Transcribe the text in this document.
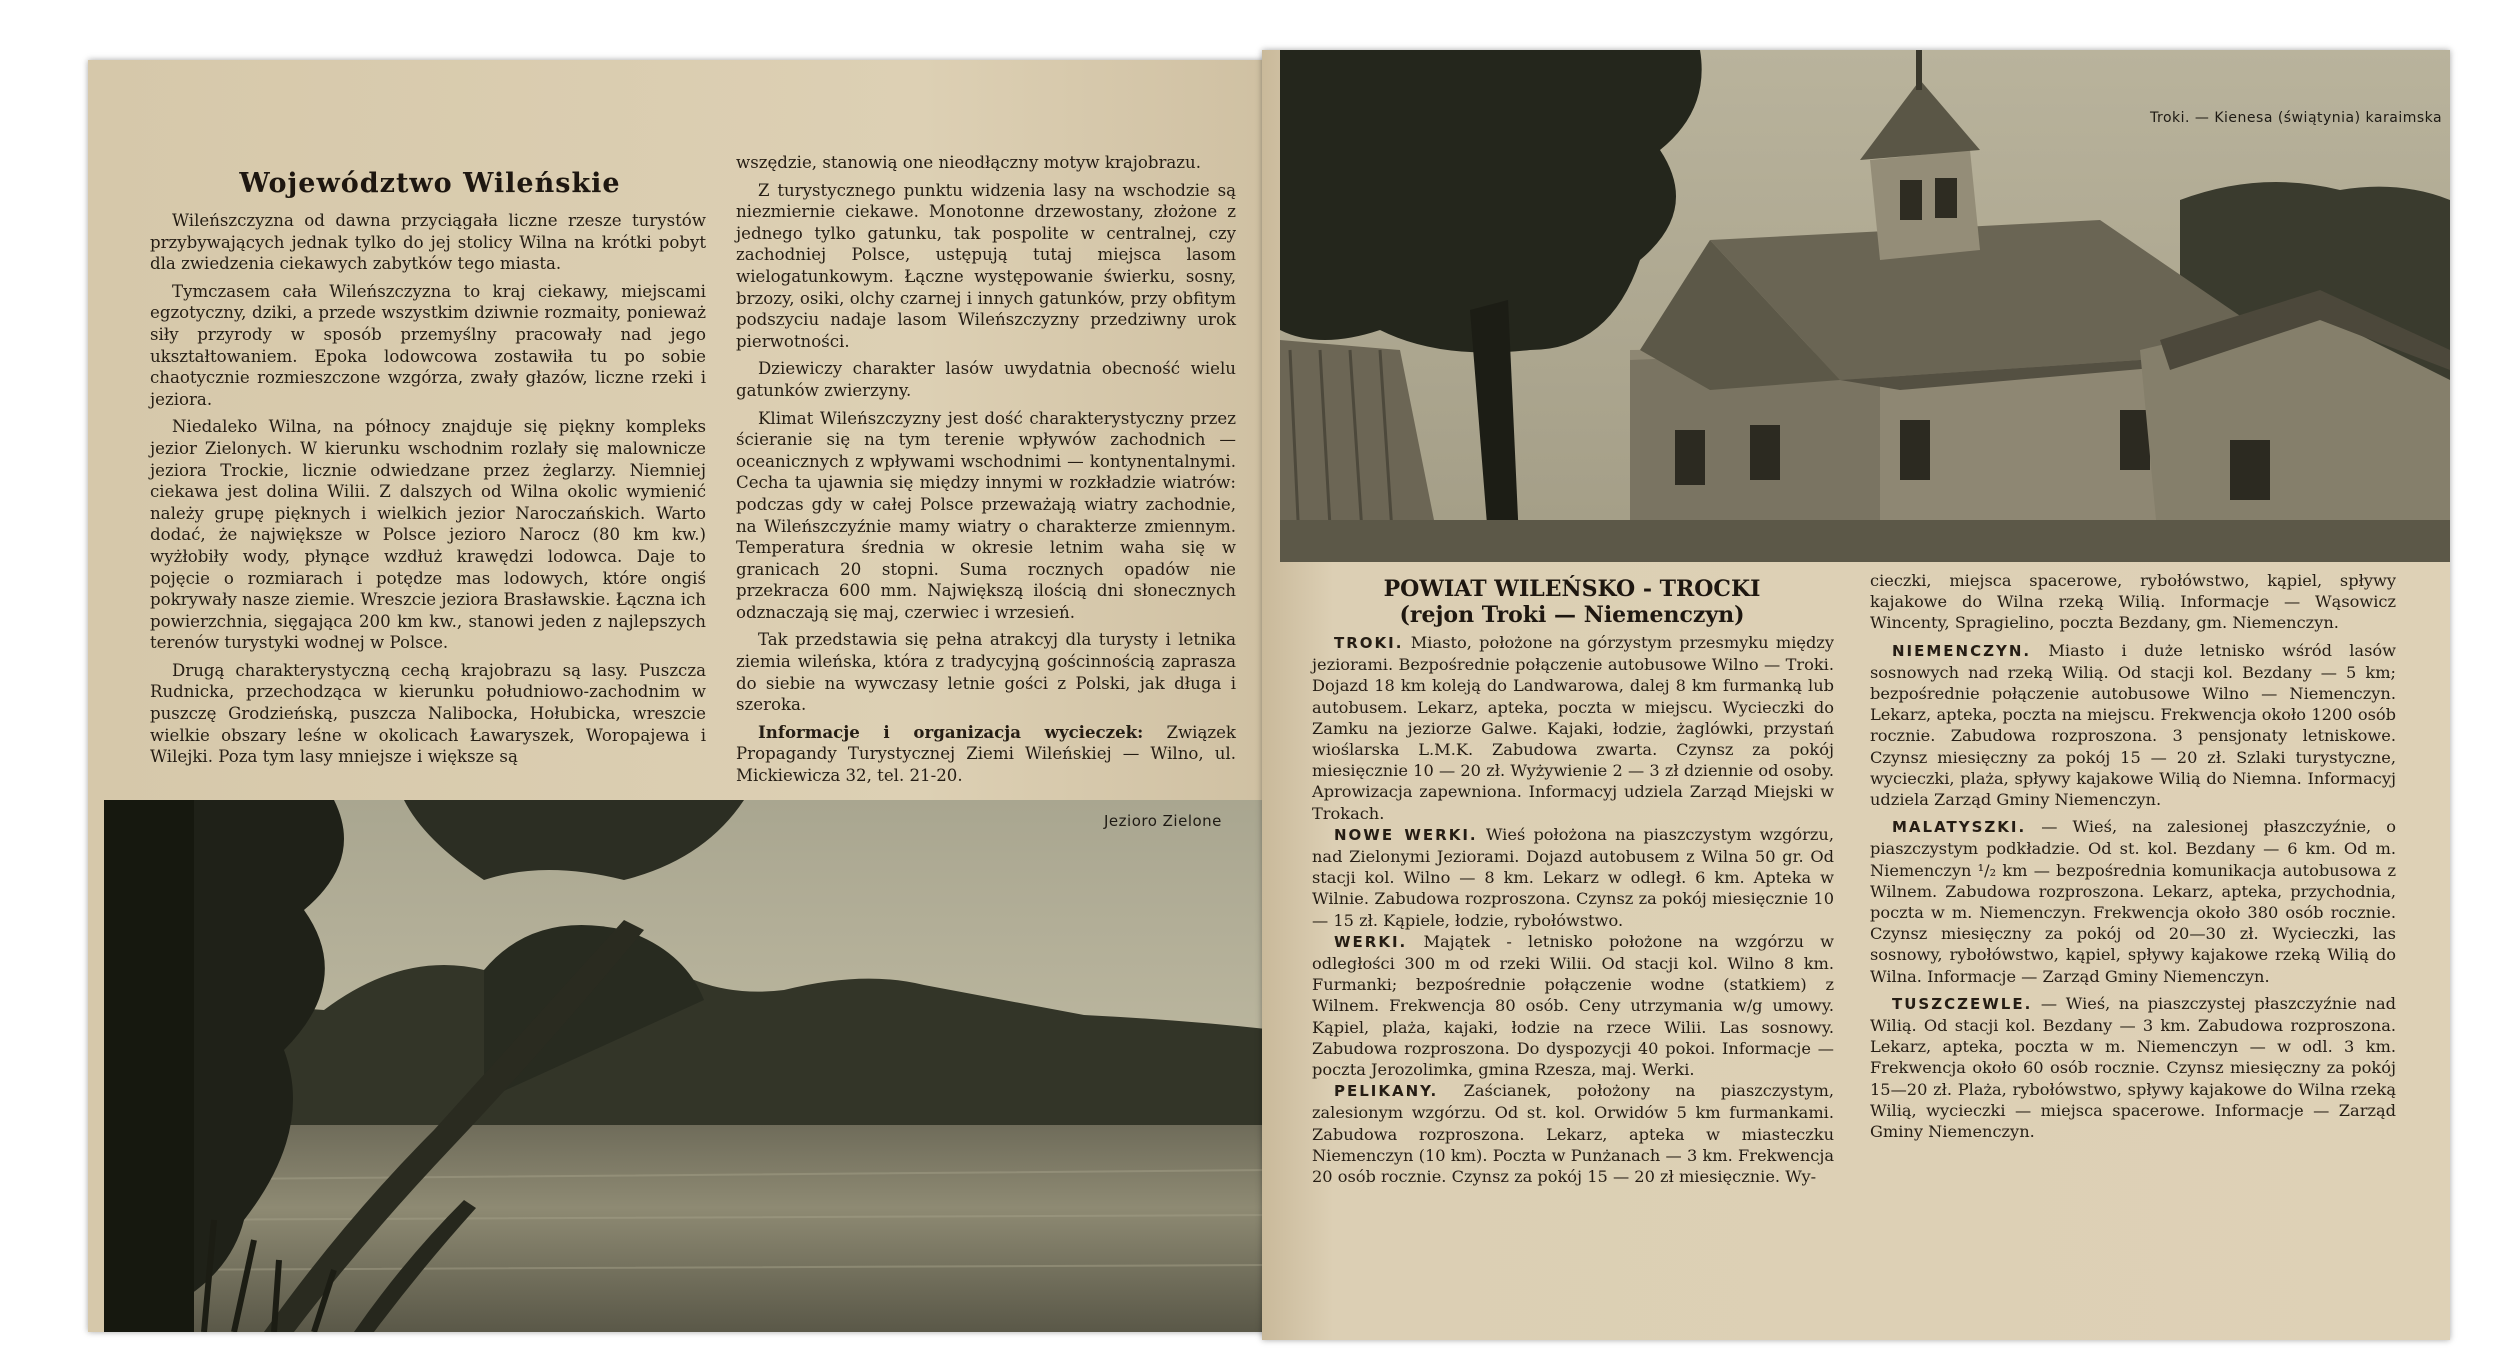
Województwo Wileńskie

Wileńszczyzna od dawna przyciągała liczne rzesze turystów przybywających jednak tylko do jej stolicy Wilna na krótki pobyt dla zwiedzenia ciekawych zabytków tego miasta.

Tymczasem cała Wileńszczyzna to kraj ciekawy, miejscami egzotyczny, dziki, a przede wszystkim dziwnie rozmaity, ponieważ siły przyrody w sposób przemyślny pracowały nad jego ukształtowaniem. Epoka lodowcowa zostawiła tu po sobie chaotycznie rozmieszczone wzgórza, zwały głazów, liczne rzeki i jeziora.

Niedaleko Wilna, na północy znajduje się piękny kompleks jezior Zielonych. W kierunku wschodnim rozlały się malownicze jeziora Trockie, licznie odwiedzane przez żeglarzy. Niemniej ciekawa jest dolina Wilii. Z dalszych od Wilna okolic wymienić należy grupę pięknych i wielkich jezior Naroczańskich. Warto dodać, że największe w Polsce jezioro Narocz (80 km kw.) wyżłobiły wody, płynące wzdłuż krawędzi lodowca. Daje to pojęcie o rozmiarach i potędze mas lodowych, które ongiś pokrywały nasze ziemie. Wreszcie jeziora Brasławskie. Łączna ich powierzchnia, sięgająca 200 km kw., stanowi jeden z najlepszych terenów turystyki wodnej w Polsce.

Drugą charakterystyczną cechą krajobrazu są lasy. Puszcza Rudnicka, przechodząca w kierunku południowo-zachodnim w puszczę Grodzieńską, puszcza Nalibocka, Hołubicka, wreszcie wielkie obszary leśne w okolicach Ławaryszek, Woropajewa i Wilejki. Poza tym lasy mniejsze i większe są

wszędzie, stanowią one nieodłączny motyw krajobrazu.

Z turystycznego punktu widzenia lasy na wschodzie są niezmiernie ciekawe. Monotonne drzewostany, złożone z jednego tylko gatunku, tak pospolite w centralnej, czy zachodniej Polsce, ustępują tutaj miejsca lasom wielogatunkowym. Łączne występowanie świerku, sosny, brzozy, osiki, olchy czarnej i innych gatunków, przy obfitym podszyciu nadaje lasom Wileńszczyzny przedziwny urok pierwotności.

Dziewiczy charakter lasów uwydatnia obecność wielu gatunków zwierzyny.

Klimat Wileńszczyzny jest dość charakterystyczny przez ścieranie się na tym terenie wpływów zachodnich — oceanicznych z wpływami wschodnimi — kontynentalnymi. Cecha ta ujawnia się między innymi w rozkładzie wiatrów: podczas gdy w całej Polsce przeważają wiatry zachodnie, na Wileńszczyźnie mamy wiatry o charakterze zmiennym. Temperatura średnia w okresie letnim waha się w granicach 20 stopni. Suma rocznych opadów nie przekracza 600 mm. Największą ilością dni słonecznych odznaczają się maj, czerwiec i wrzesień.

Tak przedstawia się pełna atrakcyj dla turysty i letnika ziemia wileńska, która z tradycyjną gościnnością zaprasza do siebie na wywczasy letnie gości z Polski, jak długa i szeroka.

Informacje i organizacja wycieczek: Związek Propagandy Turystycznej Ziemi Wileńskiej — Wilno, ul. Mickiewicza 32, tel. 21-20.

Jezioro Zielone
Troki. — Kienesa (świątynia) karaimska
POWIAT WILEŃSKO - TROCKI
(rejon Troki — Niemenczyn)

TROKI. Miasto, położone na górzystym przesmyku między jeziorami. Bezpośrednie połączenie autobusowe Wilno — Troki. Dojazd 18 km koleją do Landwarowa, dalej 8 km furmanką lub autobusem. Lekarz, apteka, poczta w miejscu. Wycieczki do Zamku na jeziorze Galwe. Kajaki, łodzie, żaglówki, przystań wioślarska L.M.K. Zabudowa zwarta. Czynsz za pokój miesięcznie 10 — 20 zł. Wyżywienie 2 — 3 zł dziennie od osoby. Aprowizacja zapewniona. Informacyj udziela Zarząd Miejski w Trokach.

NOWE WERKI. Wieś położona na piaszczystym wzgórzu, nad Zielonymi Jeziorami. Dojazd autobusem z Wilna 50 gr. Od stacji kol. Wilno — 8 km. Lekarz w odległ. 6 km. Apteka w Wilnie. Zabudowa rozproszona. Czynsz za pokój miesięcznie 10 — 15 zł. Kąpiele, łodzie, rybołówstwo.

WERKI. Majątek - letnisko położone na wzgórzu w odległości 300 m od rzeki Wilii. Od stacji kol. Wilno 8 km. Furmanki; bezpośrednie połączenie wodne (statkiem) z Wilnem. Frekwencja 80 osób. Ceny utrzymania w/g umowy. Kąpiel, plaża, kajaki, łodzie na rzece Wilii. Las sosnowy. Zabudowa rozproszona. Do dyspozycji 40 pokoi. Informacje — poczta Jerozolimka, gmina Rzesza, maj. Werki.

PELIKANY. Zaścianek, położony na piaszczystym, zalesionym wzgórzu. Od st. kol. Orwidów 5 km furmankami. Zabudowa rozproszona. Lekarz, apteka w miasteczku Niemenczyn (10 km). Poczta w Punżanach — 3 km. Frekwencja 20 osób rocznie. Czynsz za pokój 15 — 20 zł miesięcznie. Wy-

cieczki, miejsca spacerowe, rybołówstwo, kąpiel, spływy kajakowe do Wilna rzeką Wilią. Informacje — Wąsowicz Wincenty, Spragielino, poczta Bezdany, gm. Niemenczyn.

NIEMENCZYN. Miasto i duże letnisko wśród lasów sosnowych nad rzeką Wilią. Od stacji kol. Bezdany — 5 km; bezpośrednie połączenie autobusowe Wilno — Niemenczyn. Lekarz, apteka, poczta na miejscu. Frekwencja około 1200 osób rocznie. Zabudowa rozproszona. 3 pensjonaty letniskowe. Czynsz miesięczny za pokój 15 — 20 zł. Szlaki turystyczne, wycieczki, plaża, spływy kajakowe Wilią do Niemna. Informacyj udziela Zarząd Gminy Niemenczyn.

MALATYSZKI. — Wieś, na zalesionej płaszczyźnie, o piaszczystym podkładzie. Od st. kol. Bezdany — 6 km. Od m. Niemenczyn ¹/₂ km — bezpośrednia komunikacja autobusowa z Wilnem. Zabudowa rozproszona. Lekarz, apteka, przychodnia, poczta w m. Niemenczyn. Frekwencja około 380 osób rocznie. Czynsz miesięczny za pokój od 20—30 zł. Wycieczki, las sosnowy, rybołówstwo, kąpiel, spływy kajakowe rzeką Wilią do Wilna. Informacje — Zarząd Gminy Niemenczyn.

TUSZCZEWLE. — Wieś, na piaszczystej płaszczyźnie nad Wilią. Od stacji kol. Bezdany — 3 km. Zabudowa rozproszona. Lekarz, apteka, poczta w m. Niemenczyn — w odl. 3 km. Frekwencja około 60 osób rocznie. Czynsz miesięczny za pokój 15—20 zł. Plaża, rybołówstwo, spływy kajakowe do Wilna rzeką Wilią, wycieczki — miejsca spacerowe. Informacje — Zarząd Gminy Niemenczyn.
